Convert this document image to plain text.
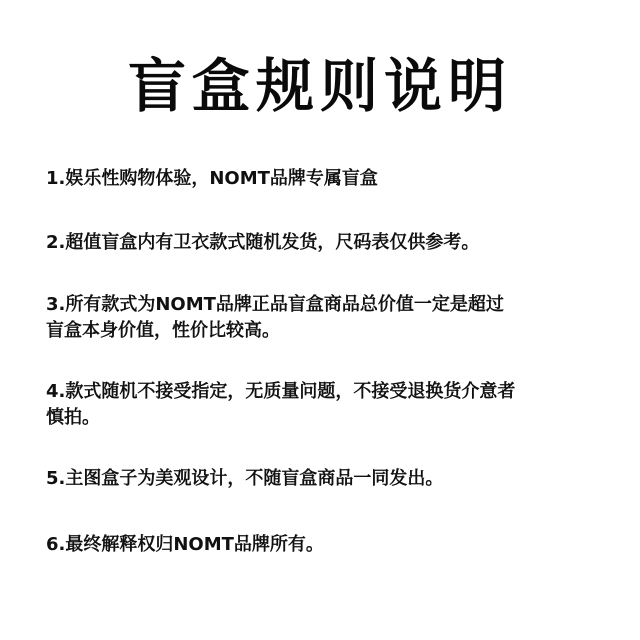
盲盒规则说明
1.娱乐性购物体验，NOMT品牌专属盲盒
2.超值盲盒内有卫衣款式随机发货，尺码表仅供参考。
3.所有款式为NOMT品牌正品盲盒商品总价值一定是超过
盲盒本身价值，性价比较高。
4.款式随机不接受指定，无质量问题，不接受退换货介意者
慎拍。
5.主图盒子为美观设计，不随盲盒商品一同发出。
6.最终解释权归NOMT品牌所有。
